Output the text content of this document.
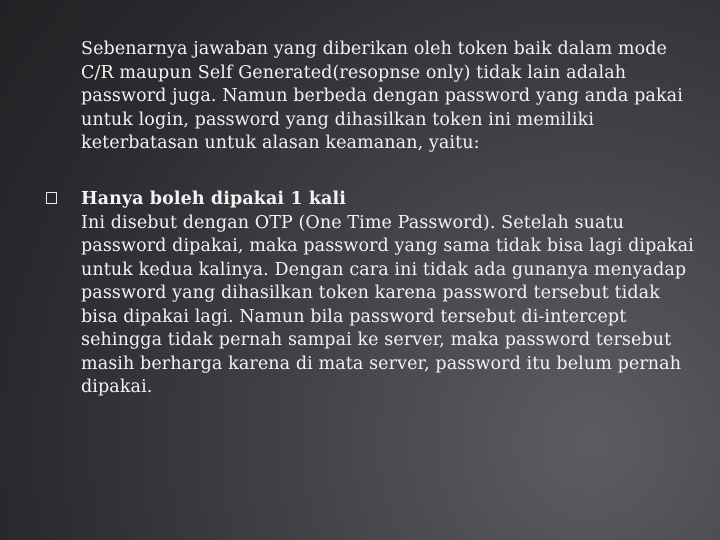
Sebenarnya jawaban yang diberikan oleh token baik dalam mode C/R maupun Self Generated(resopnse only) tidak lain adalah password juga. Namun berbeda dengan password yang anda pakai untuk login, password yang dihasilkan token ini memiliki keterbatasan untuk alasan keamanan, yaitu:

Hanya boleh dipakai 1 kali
Ini disebut dengan OTP (One Time Password). Setelah suatu password dipakai, maka password yang sama tidak bisa lagi dipakai untuk kedua kalinya. Dengan cara ini tidak ada gunanya menyadap password yang dihasilkan token karena password tersebut tidak bisa dipakai lagi. Namun bila password tersebut di-intercept sehingga tidak pernah sampai ke server, maka password tersebut masih berharga karena di mata server, password itu belum pernah dipakai.
